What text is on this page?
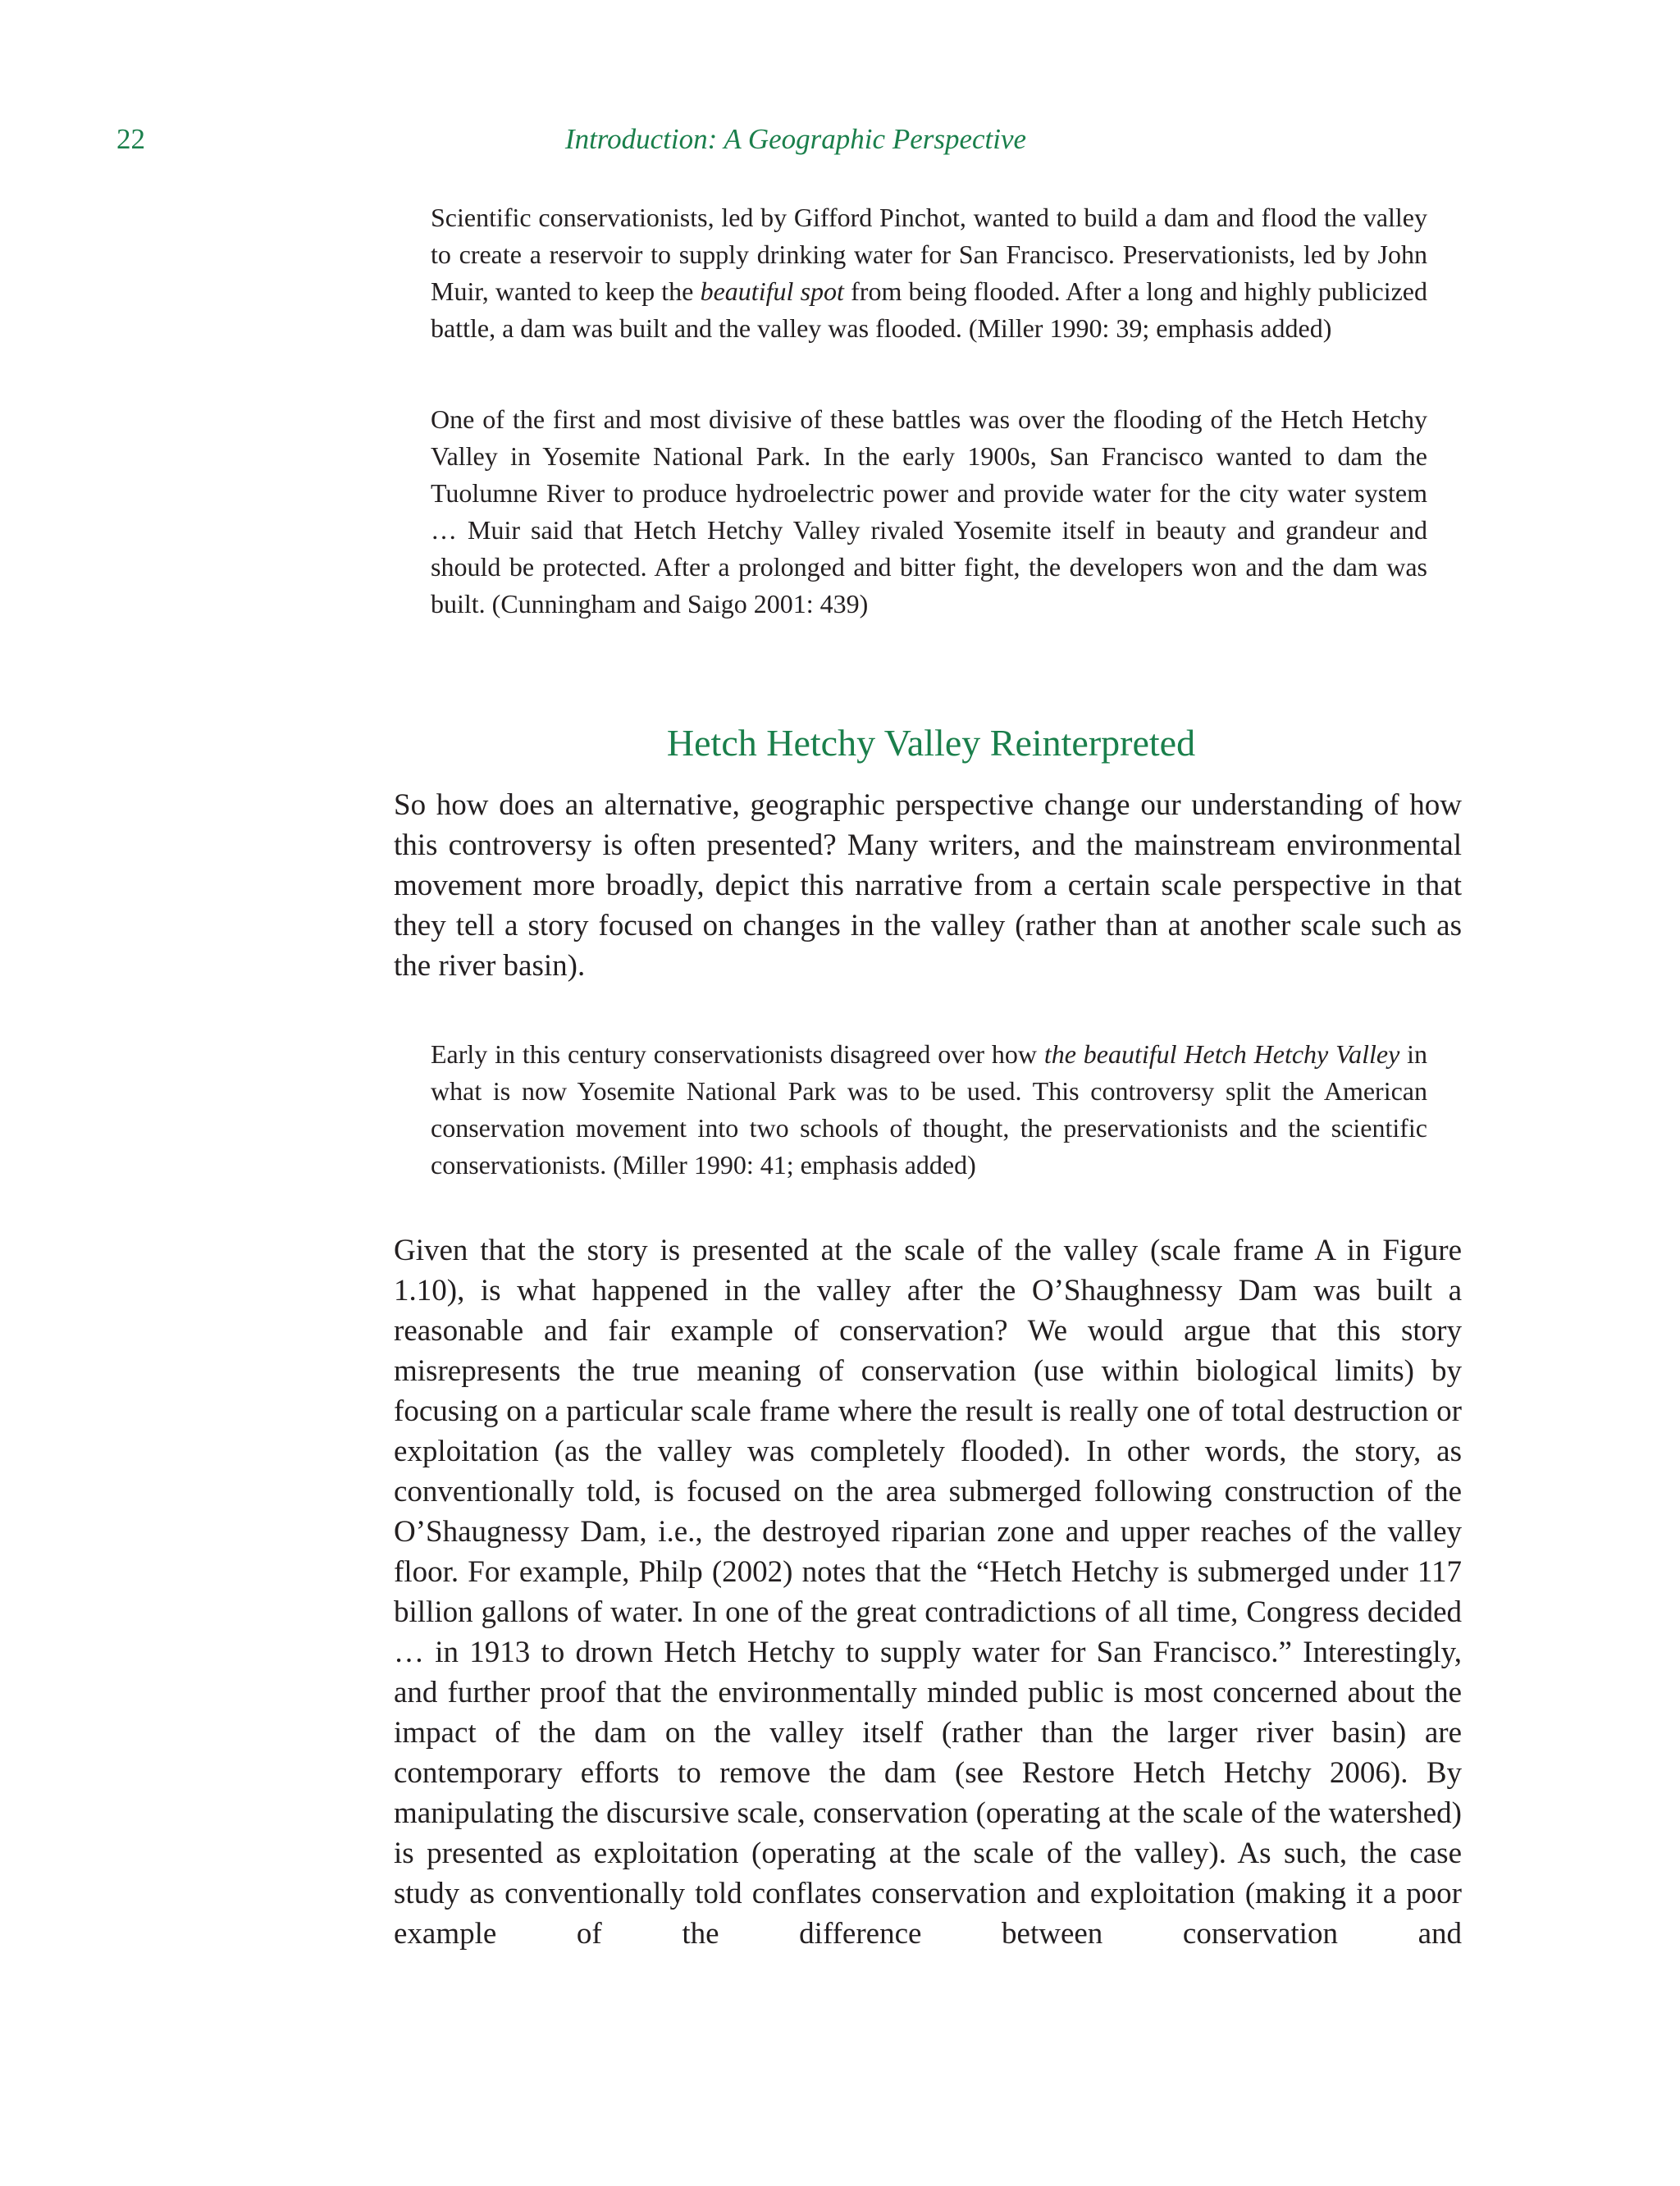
22	Introduction: A Geographic Perspective
Scientific conservationists, led by Gifford Pinchot, wanted to build a dam and flood the valley to create a reservoir to supply drinking water for San Francisco. Preservationists, led by John Muir, wanted to keep the beautiful spot from being flooded. After a long and highly publicized battle, a dam was built and the valley was flooded. (Miller 1990: 39; emphasis added)
One of the first and most divisive of these battles was over the flooding of the Hetch Hetchy Valley in Yosemite National Park. In the early 1900s, San Francisco wanted to dam the Tuolumne River to produce hydroelectric power and provide water for the city water system … Muir said that Hetch Hetchy Valley rivaled Yosemite itself in beauty and grandeur and should be protected. After a prolonged and bitter fight, the developers won and the dam was built. (Cunningham and Saigo 2001: 439)
Hetch Hetchy Valley Reinterpreted

So how does an alternative, geographic perspective change our understanding of how this controversy is often presented? Many writers, and the mainstream environmental movement more broadly, depict this narrative from a certain scale perspective in that they tell a story focused on changes in the valley (rather than at another scale such as the river basin).

Early in this century conservationists disagreed over how the beautiful Hetch Hetchy Valley in what is now Yosemite National Park was to be used. This controversy split the American conservation movement into two schools of thought, the preservationists and the scientific conservationists. (Miller 1990: 41; emphasis added)

Given that the story is presented at the scale of the valley (scale frame A in Figure 1.10), is what happened in the valley after the O’Shaughnessy Dam was built a reasonable and fair example of conservation? We would argue that this story misrepresents the true meaning of conservation (use within biological limits) by focusing on a particular scale frame where the result is really one of total destruction or exploitation (as the valley was completely flooded). In other words, the story, as conventionally told, is focused on the area submerged following construction of the O’Shaugnessy Dam, i.e., the destroyed riparian zone and upper reaches of the valley floor. For example, Philp (2002) notes that the “Hetch Hetchy is submerged under 117 billion gallons of water. In one of the great contradictions of all time, Congress decided … in 1913 to drown Hetch Hetchy to supply water for San Francisco.” Interestingly, and further proof that the environmentally minded public is most concerned about the impact of the dam on the valley itself (rather than the larger river basin) are contemporary efforts to remove the dam (see Restore Hetch Hetchy 2006). By manipulating the discursive scale, conservation (operating at the scale of the watershed) is presented as exploitation (operating at the scale of the valley). As such, the case study as conventionally told conflates conservation and exploitation (making it a poor example of the difference between conservation and
